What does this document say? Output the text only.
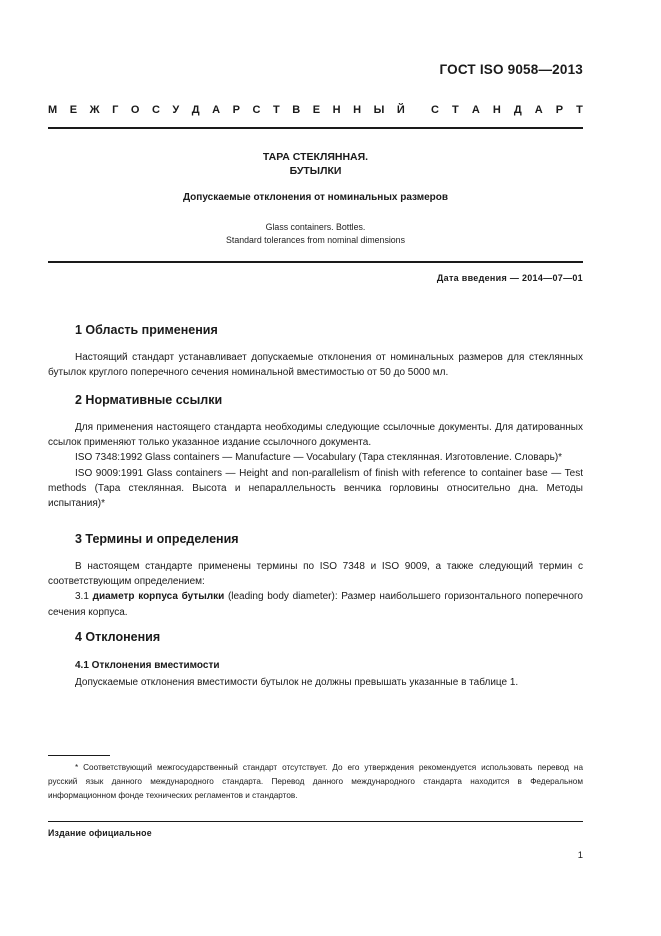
ГОСТ ISO 9058—2013
М Е Ж Г О С У Д А Р С Т В Е Н Н Ы Й С Т А Н Д А Р Т
ТАРА СТЕКЛЯННАЯ.
БУТЫЛКИ
Допускаемые отклонения от номинальных размеров
Glass containers. Bottles.
Standard tolerances from nominal dimensions
Дата введения — 2014—07—01
1 Область применения

Настоящий стандарт устанавливает допускаемые отклонения от номинальных размеров для стеклянных бутылок круглого поперечного сечения номинальной вместимостью от 50 до 5000 мл.

2 Нормативные ссылки

Для применения настоящего стандарта необходимы следующие ссылочные документы. Для датированных ссылок применяют только указанное издание ссылочного документа.

ISO 7348:1992 Glass containers — Manufacture — Vocabulary (Тара стеклянная. Изготовление. Словарь)*

ISO 9009:1991 Glass containers — Height and non-parallelism of finish with reference to container base — Test methods (Тара стеклянная. Высота и непараллельность венчика горловины относительно дна. Методы испытания)*

3 Термины и определения

В настоящем стандарте применены термины по ISO 7348 и ISO 9009, а также следующий термин с соответствующим определением:

3.1 диаметр корпуса бутылки (leading body diameter): Размер наибольшего горизонтального поперечного сечения корпуса.

4 Отклонения
4.1 Отклонения вместимости

Допускаемые отклонения вместимости бутылок не должны превышать указанные в таблице 1.

* Соответствующий межгосударственный стандарт отсутствует. До его утверждения рекомендуется использовать перевод на русский язык данного международного стандарта. Перевод данного международного стандарта находится в Федеральном информационном фонде технических регламентов и стандартов.

Издание официальное
1
